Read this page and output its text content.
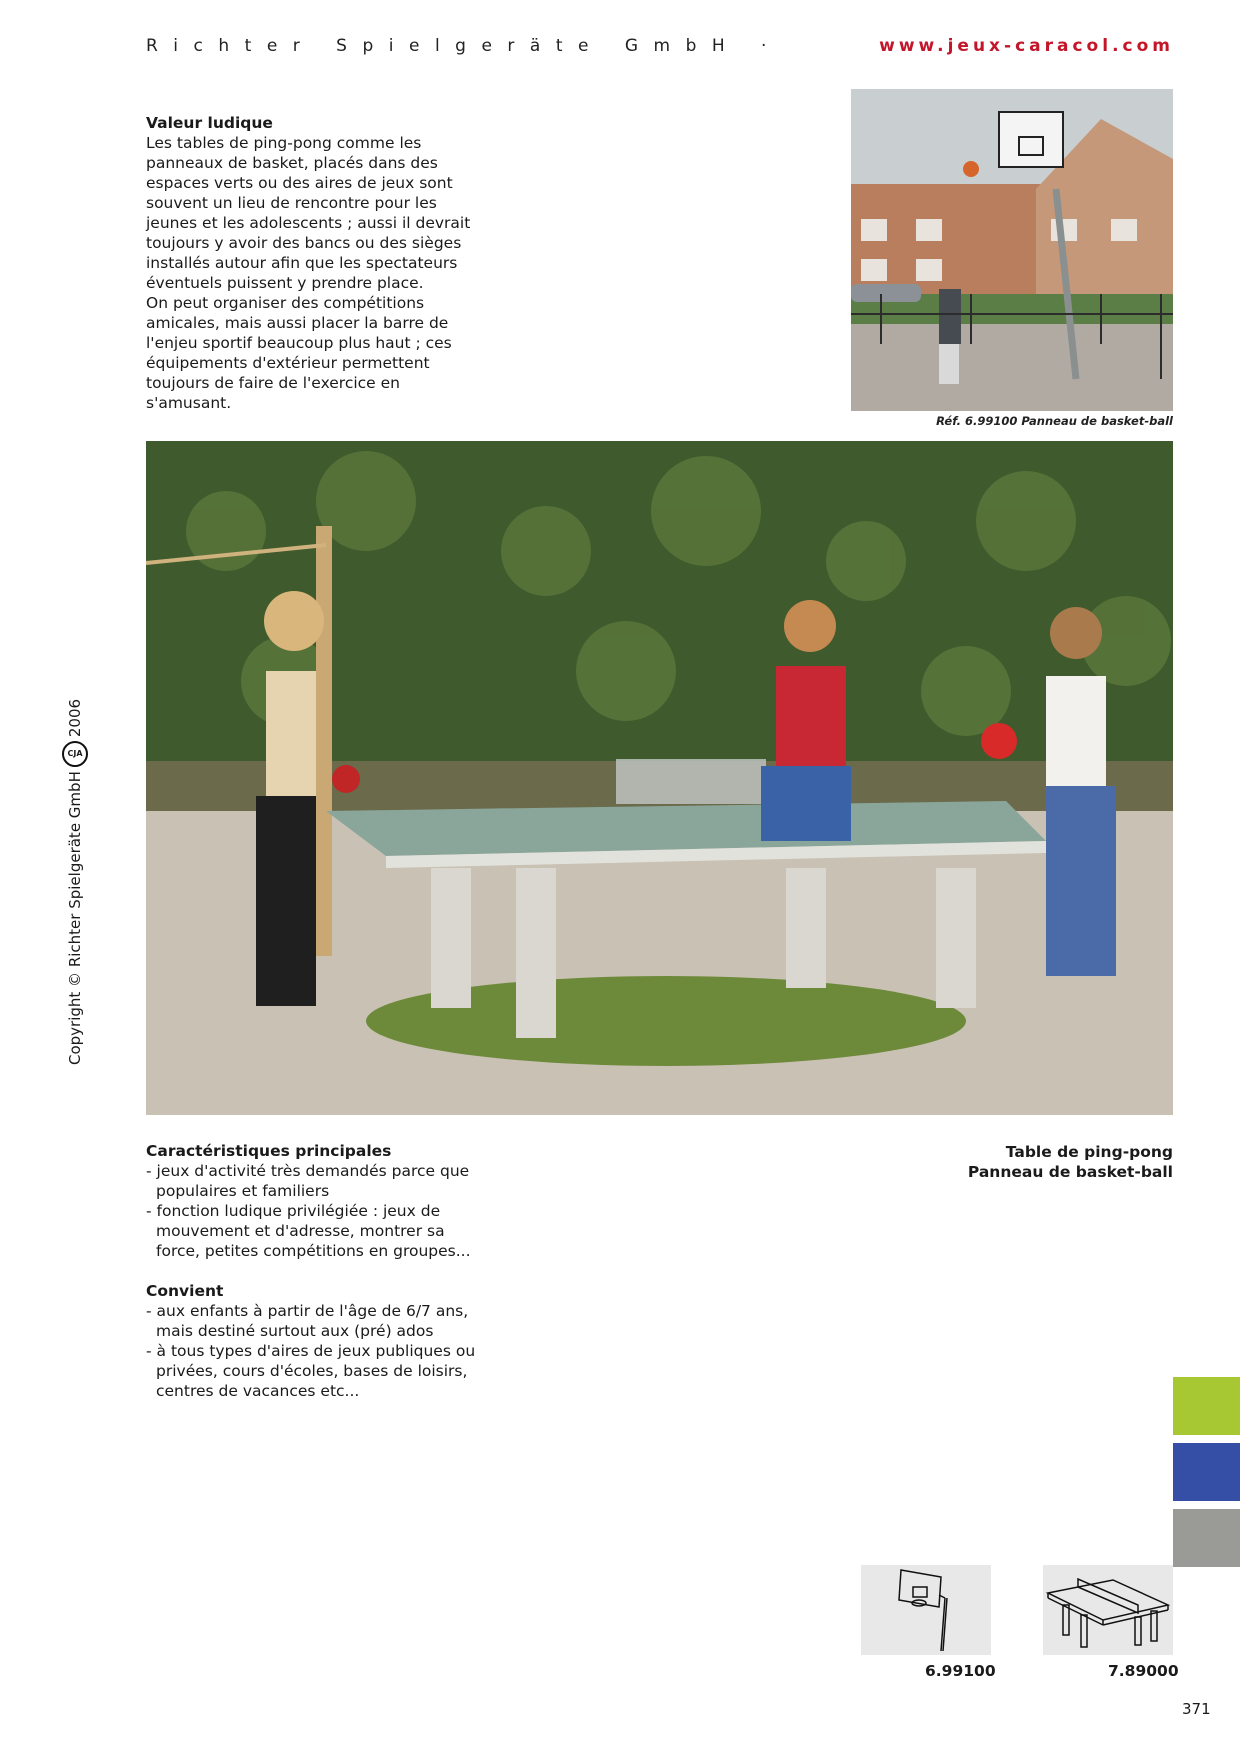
Richter Spielgeräte GmbH ·	www.jeux-caracol.com
Valeur ludique

Les tables de ping-pong comme les panneaux de basket, placés dans des espaces verts ou des aires de jeux sont souvent un lieu de rencontre pour les jeunes et les adolescents ; aussi il devrait toujours y avoir des bancs ou des sièges installés autour afin que les spectateurs éventuels puissent y prendre place.

On peut organiser des compétitions amicales, mais aussi placer la barre de l'enjeu sportif beaucoup plus haut ; ces équipements d'extérieur permettent toujours de faire de l'exercice en s'amusant.

Réf. 6.99100 Panneau de basket-ball
Caractéristiques principales
- jeux d'activité très demandés parce que populaires et familiers
- fonction ludique privilégiée : jeux de mouvement et d'adresse, montrer sa force, petites compétitions en groupes...
Convient
- aux enfants à partir de l'âge de 6/7 ans, mais destiné surtout aux (pré) ados
- à tous types d'aires de jeux publiques ou privées, cours d'écoles, bases de loisirs, centres de vacances etc...
Table de ping-pong
Panneau de basket-ball
Copyright © Richter Spielgeräte GmbH
CJA
2006
6.99100	7.89000
371
